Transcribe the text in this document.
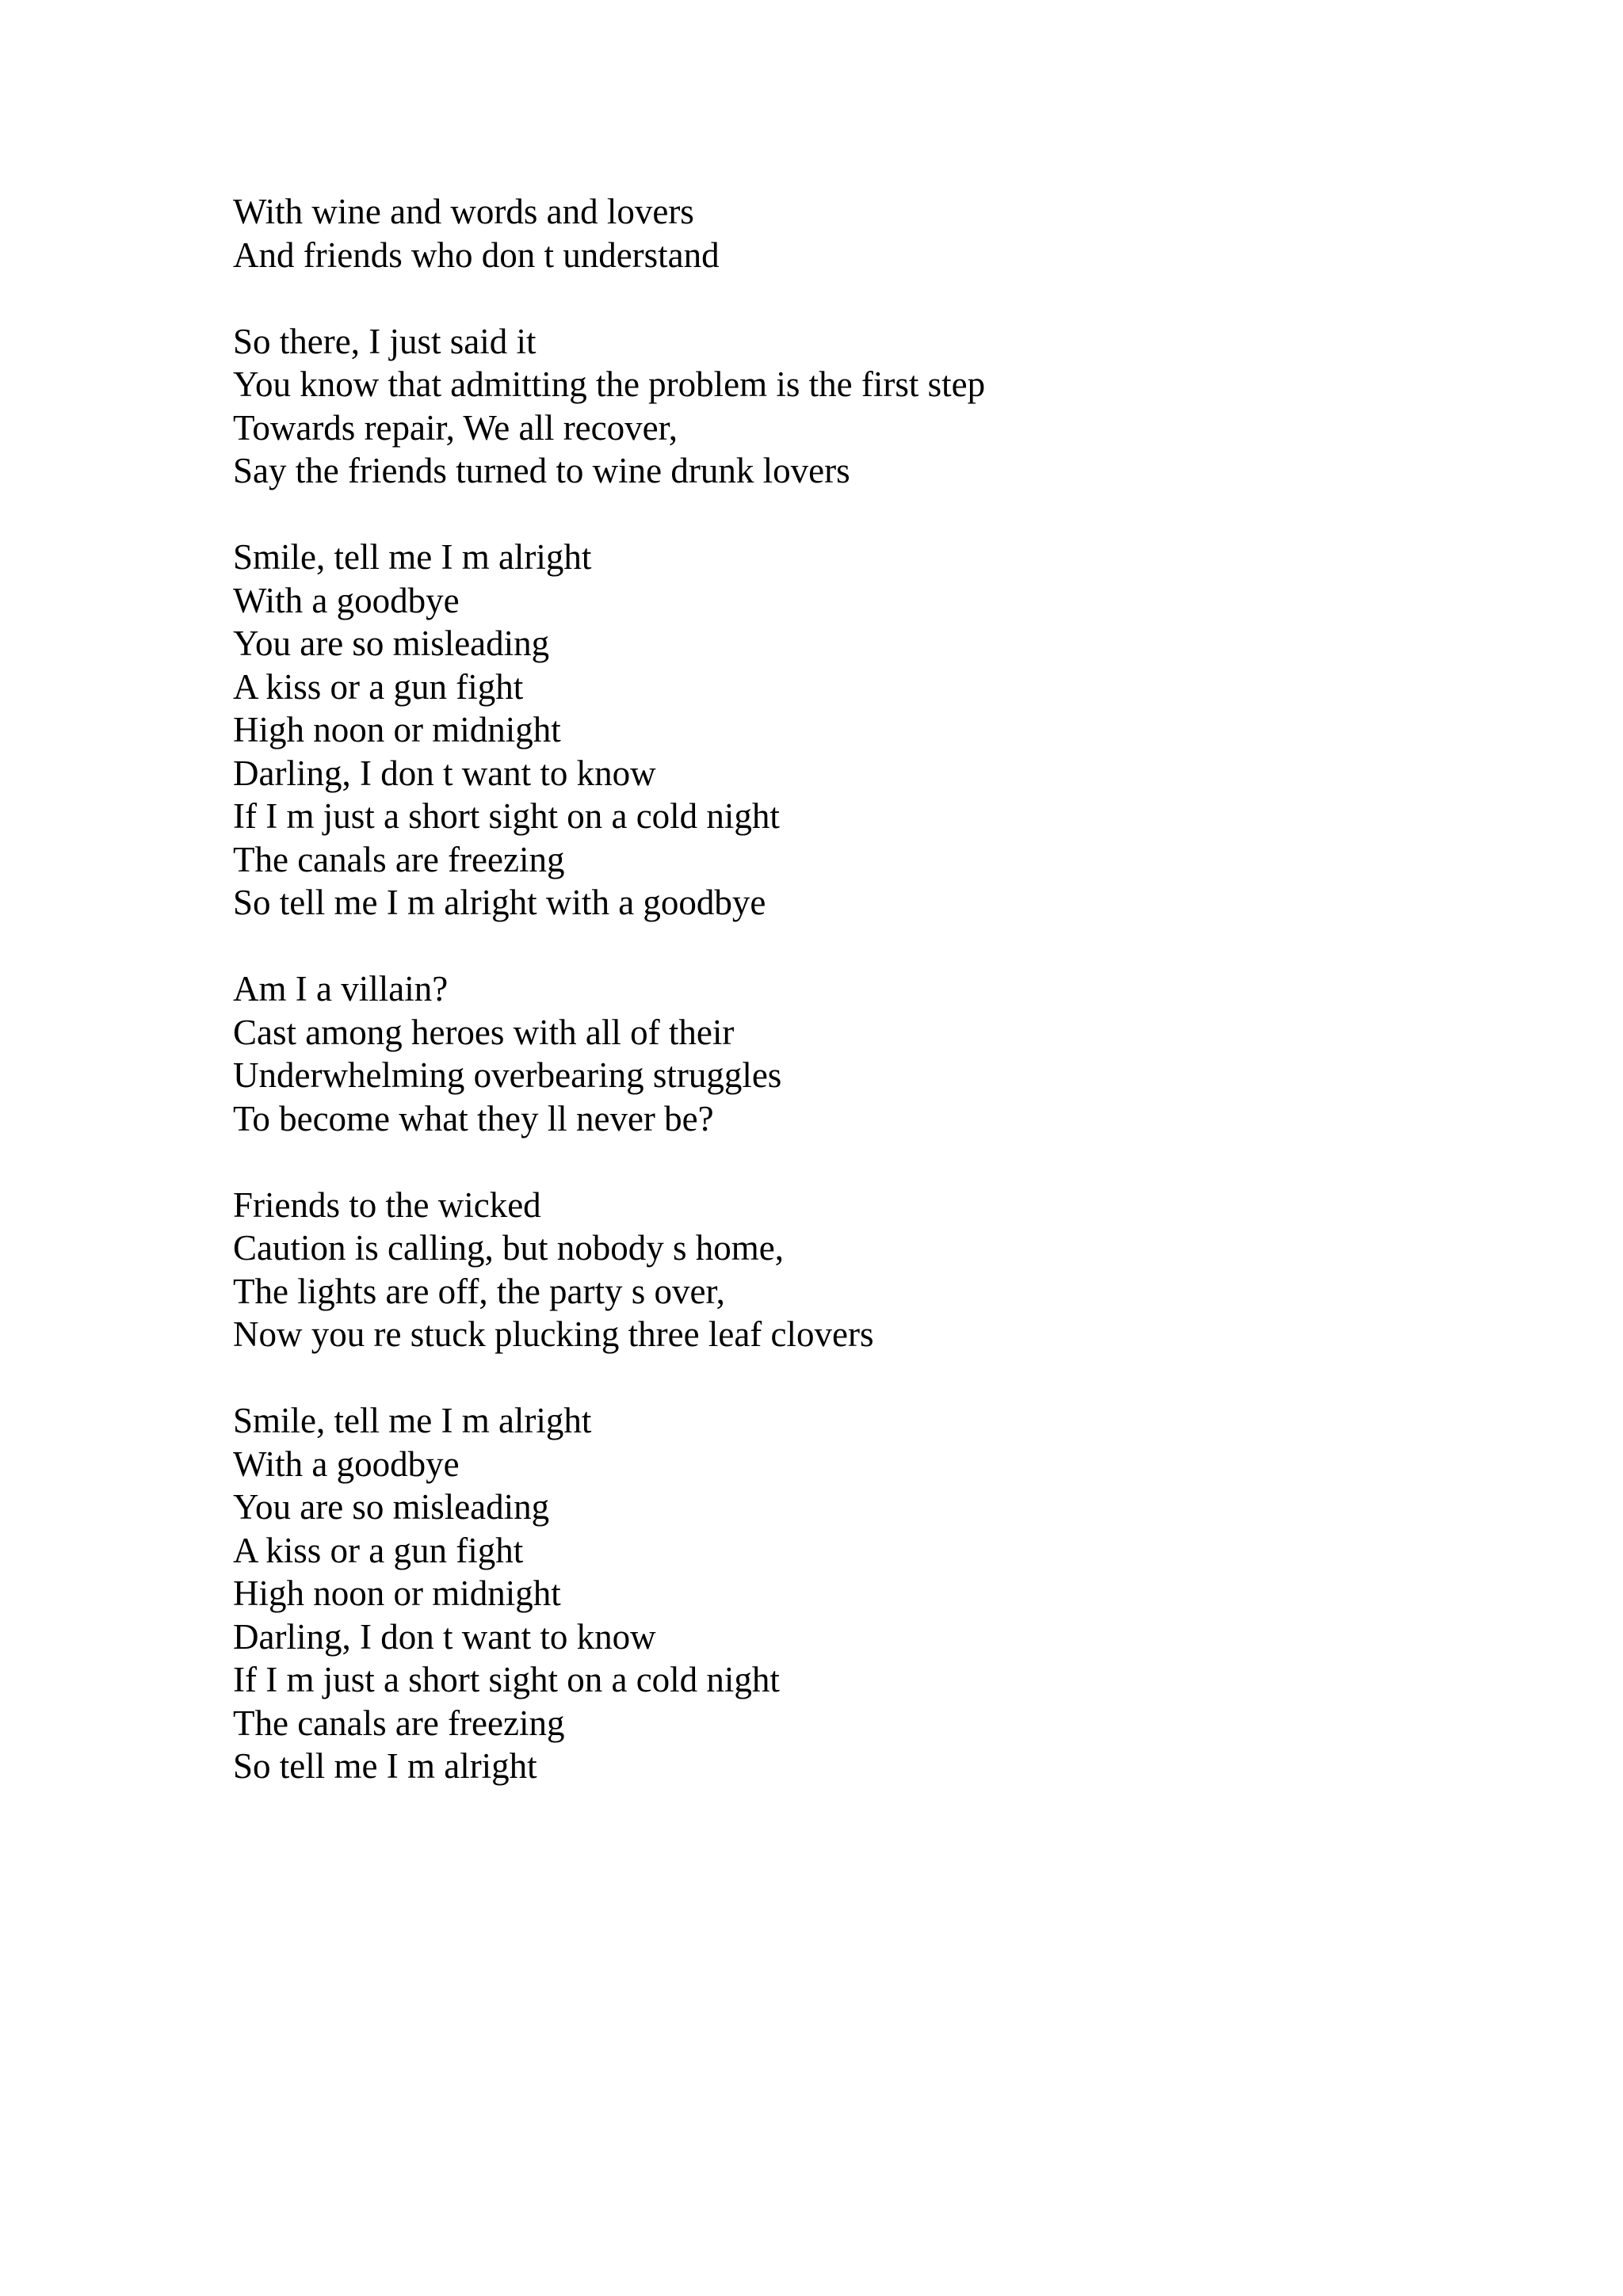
With wine and words and lovers
And friends who don t understand
So there, I just said it
You know that admitting the problem is the first step
Towards repair, We all recover,
Say the friends turned to wine drunk lovers
Smile, tell me I m alright
With a goodbye
You are so misleading
A kiss or a gun fight
High noon or midnight
Darling, I don t want to know
If I m just a short sight on a cold night
The canals are freezing
So tell me I m alright with a goodbye
Am I a villain?
Cast among heroes with all of their
Underwhelming overbearing struggles
To become what they ll never be?
Friends to the wicked
Caution is calling, but nobody s home,
The lights are off, the party s over,
Now you re stuck plucking three leaf clovers
Smile, tell me I m alright
With a goodbye
You are so misleading
A kiss or a gun fight
High noon or midnight
Darling, I don t want to know
If I m just a short sight on a cold night
The canals are freezing
So tell me I m alright
